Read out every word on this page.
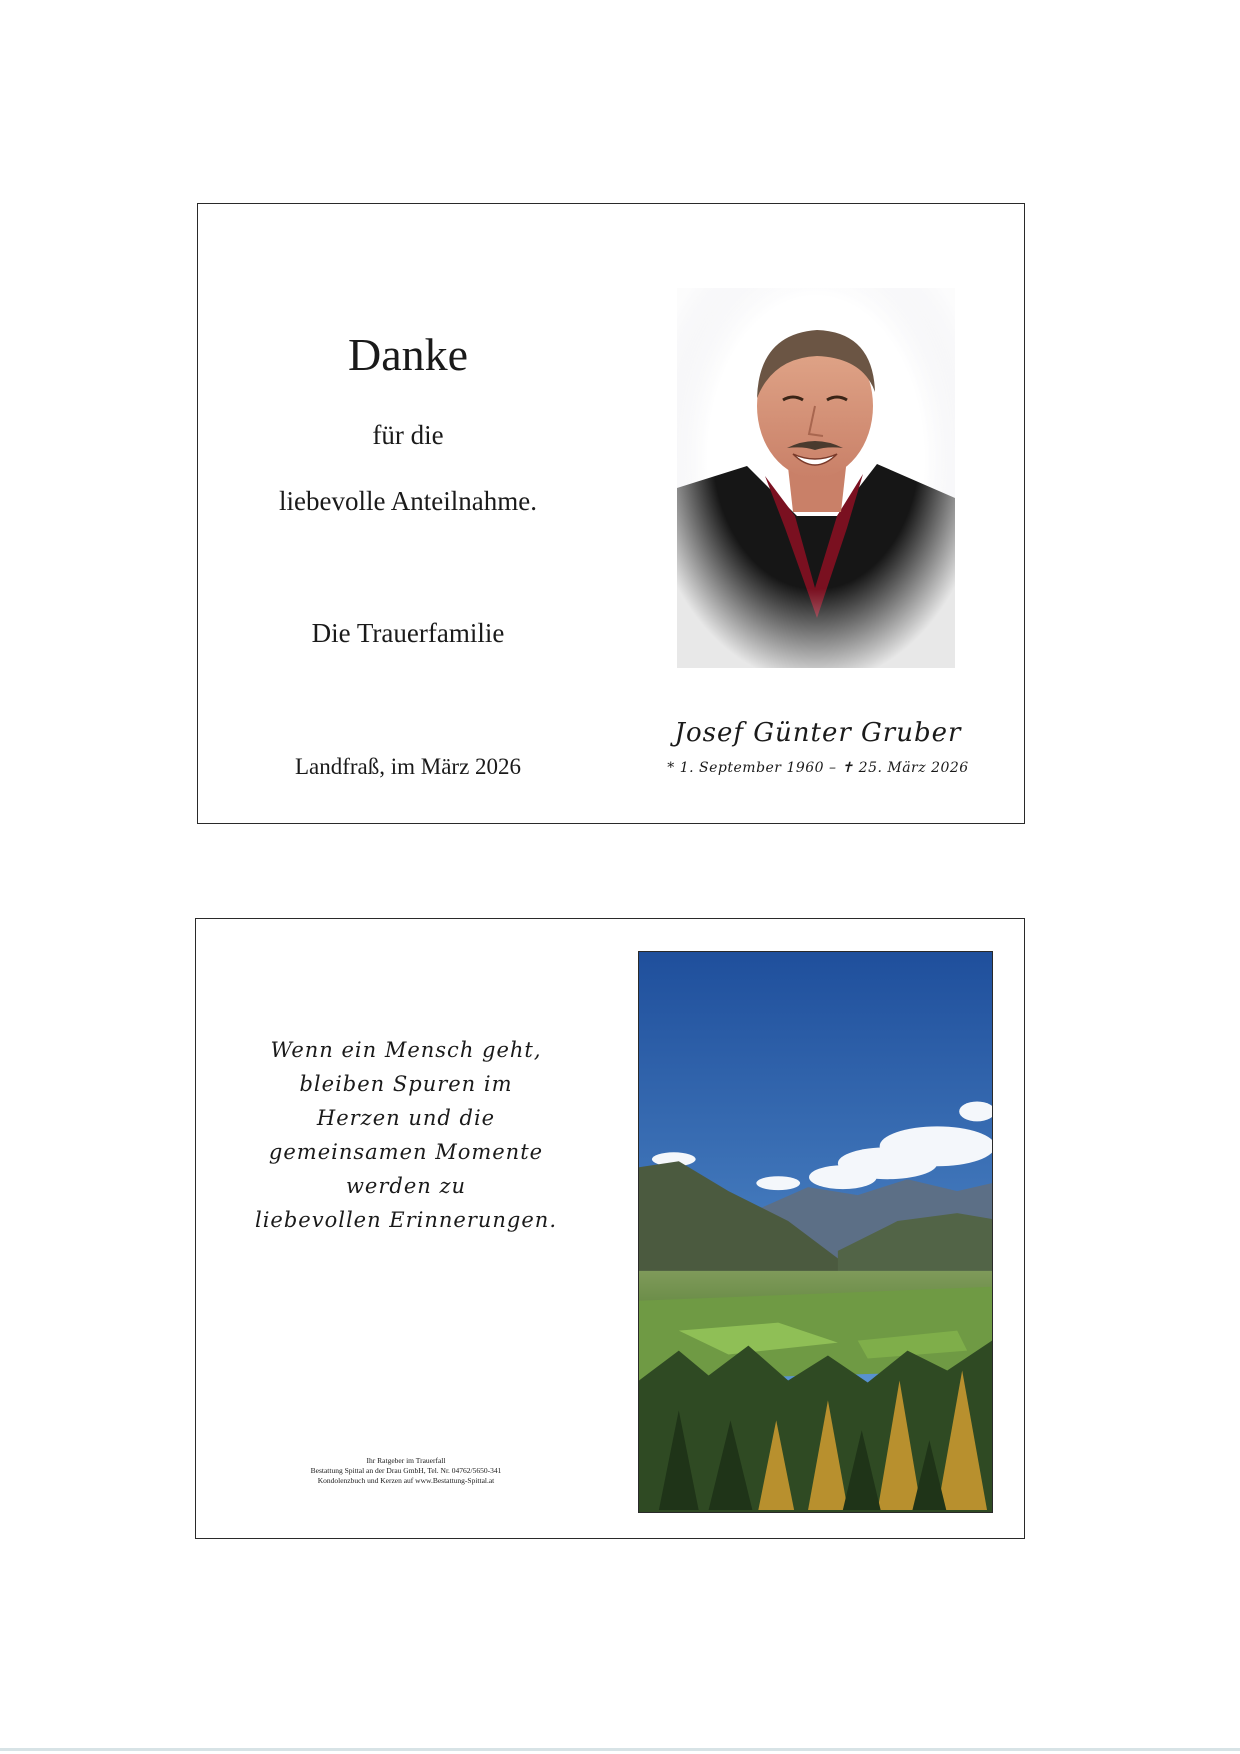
Danke
für die
liebevolle Anteilnahme.
Die Trauerfamilie
Landfraß, im März 2026
Josef Günter Gruber
* 1. September 1960 – ✝ 25. März 2026
Wenn ein Mensch geht,
bleiben Spuren im
Herzen und die
gemeinsamen Momente
werden zu
liebevollen Erinnerungen.
Ihr Ratgeber im Trauerfall
Bestattung Spittal an der Drau GmbH, Tel. Nr. 04762/5650-341
Kondolenzbuch und Kerzen auf www.Bestattung-Spittal.at
